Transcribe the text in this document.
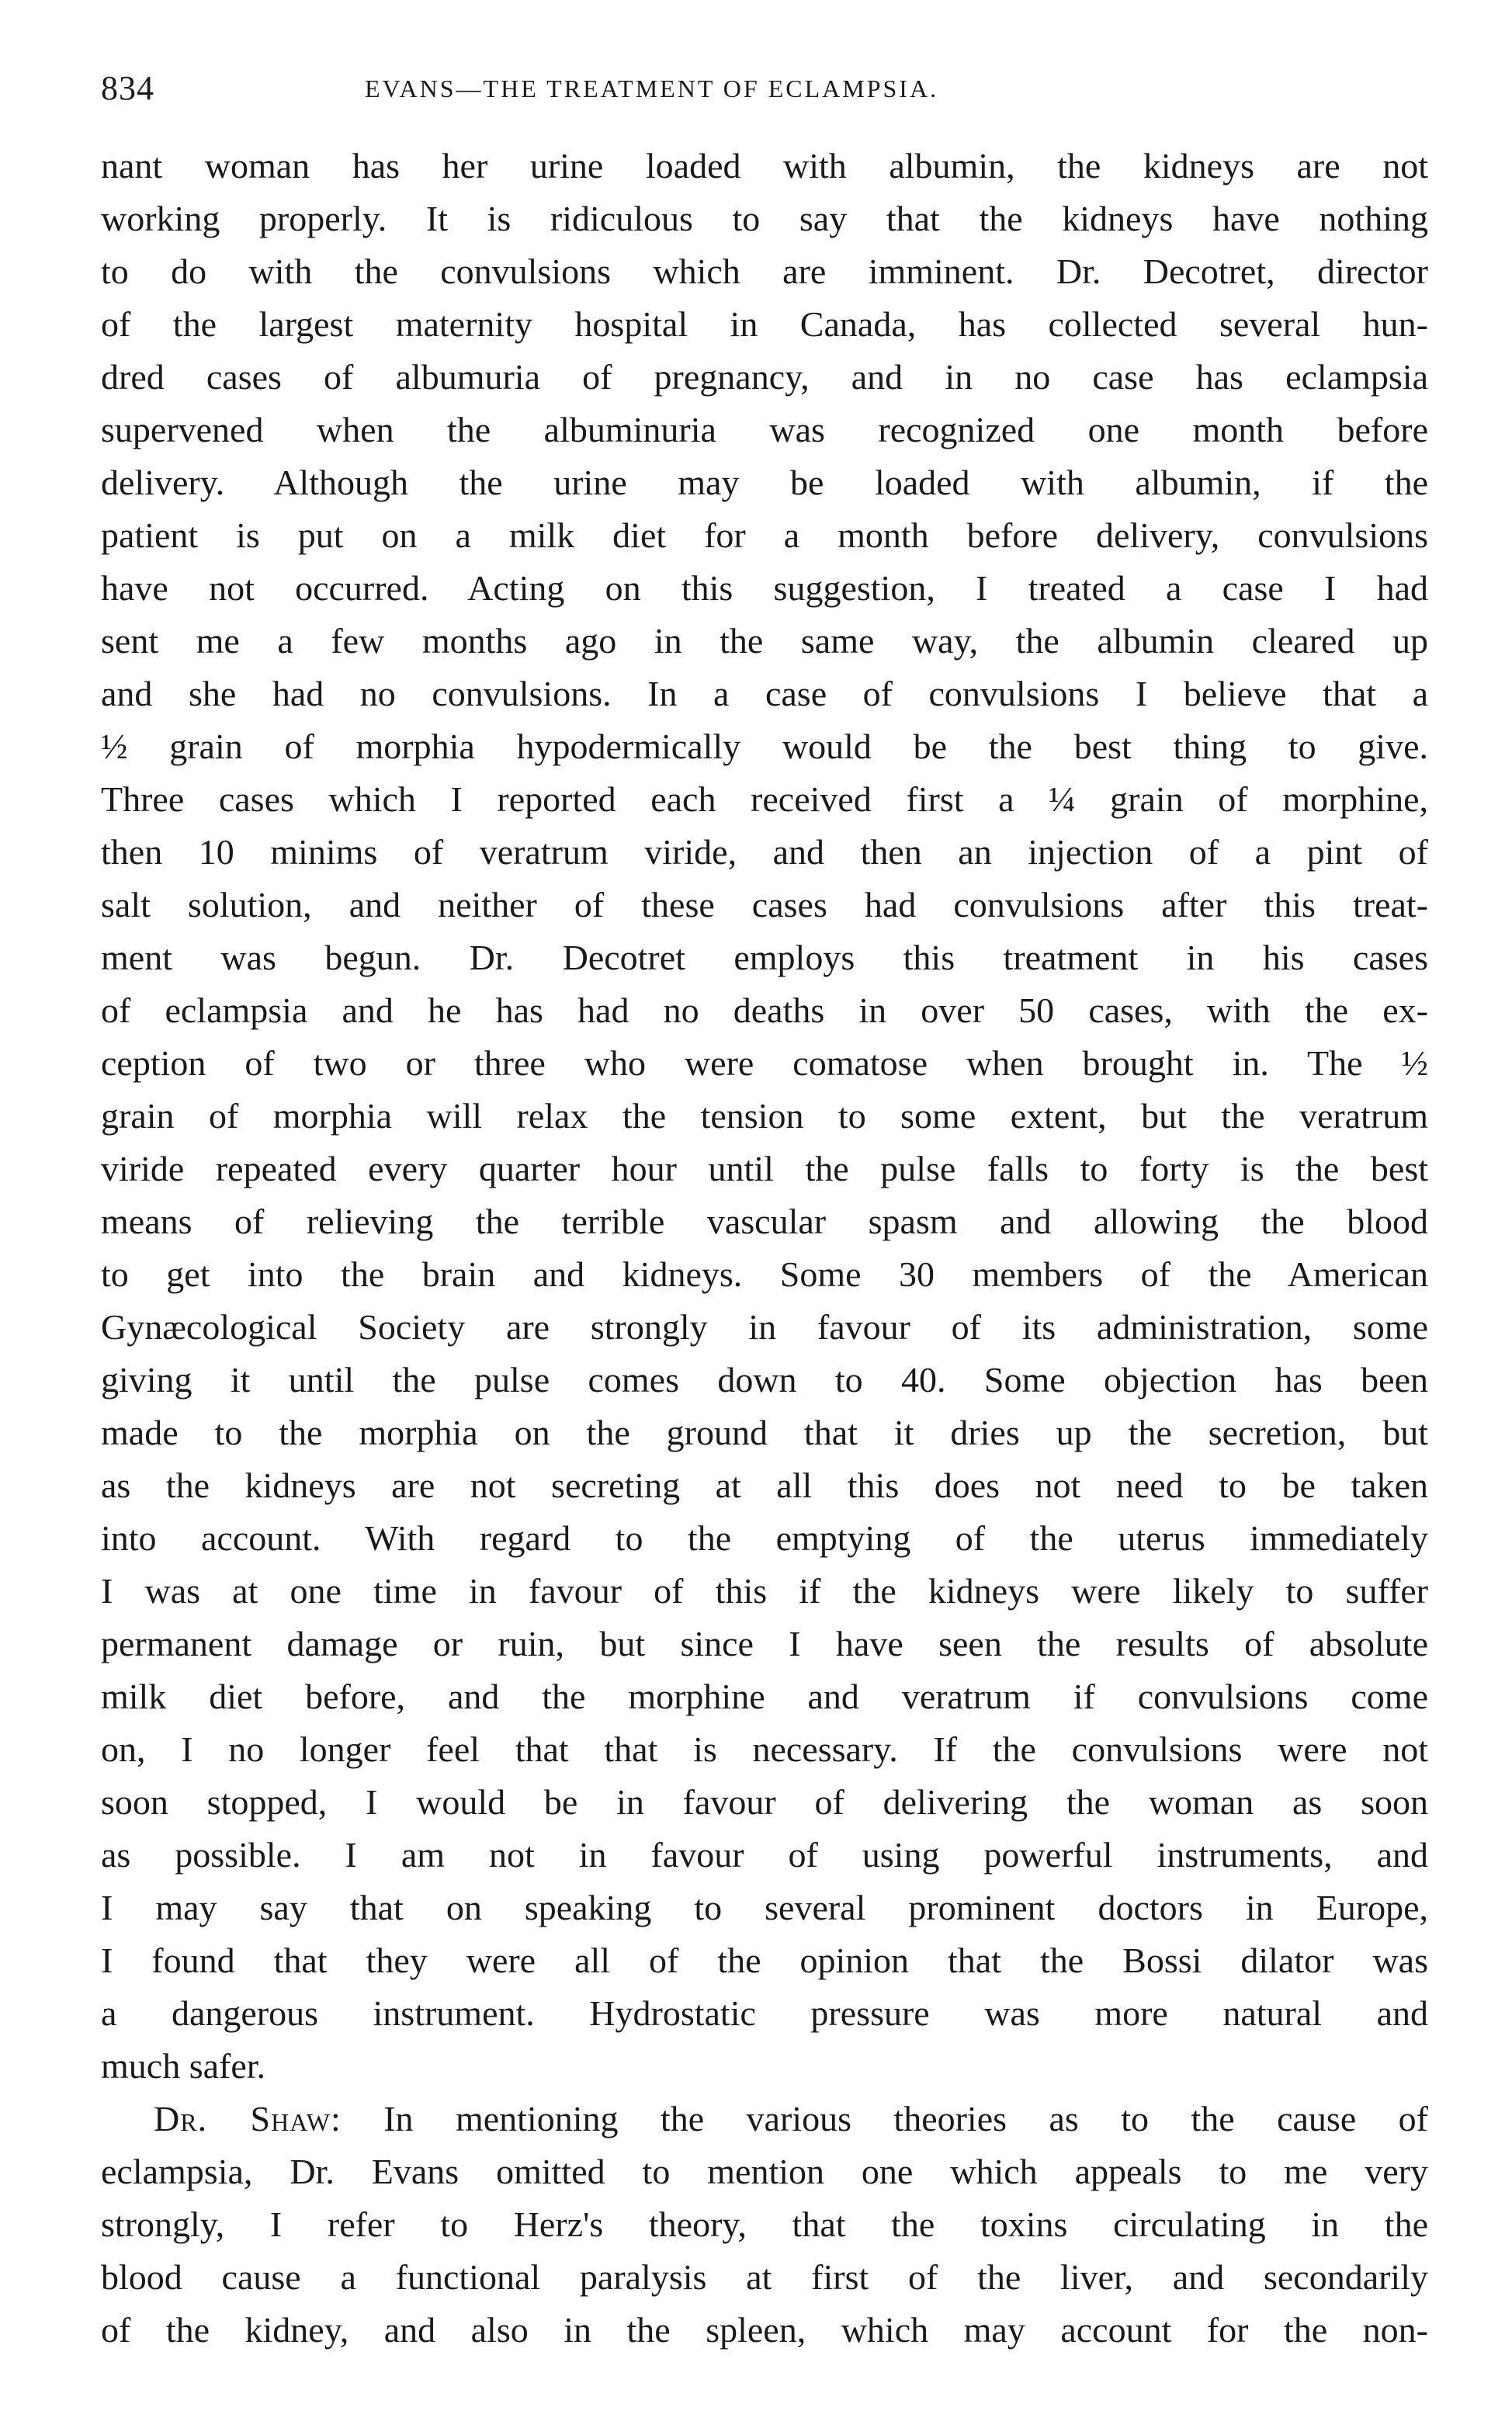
834	EVANS—THE TREATMENT OF ECLAMPSIA.
nant woman has her urine loaded with albumin, the kidneys are not
working properly. It is ridiculous to say that the kidneys have nothing
to do with the convulsions which are imminent. Dr. Decotret, director
of the largest maternity hospital in Canada, has collected several hun-
dred cases of albumuria of pregnancy, and in no case has eclampsia
supervened when the albuminuria was recognized one month before
delivery. Although the urine may be loaded with albumin, if the
patient is put on a milk diet for a month before delivery, convulsions
have not occurred. Acting on this suggestion, I treated a case I had
sent me a few months ago in the same way, the albumin cleared up
and she had no convulsions. In a case of convulsions I believe that a
½ grain of morphia hypodermically would be the best thing to give.
Three cases which I reported each received first a ¼ grain of morphine,
then 10 minims of veratrum viride, and then an injection of a pint of
salt solution, and neither of these cases had convulsions after this treat-
ment was begun. Dr. Decotret employs this treatment in his cases
of eclampsia and he has had no deaths in over 50 cases, with the ex-
ception of two or three who were comatose when brought in. The ½
grain of morphia will relax the tension to some extent, but the veratrum
viride repeated every quarter hour until the pulse falls to forty is the best
means of relieving the terrible vascular spasm and allowing the blood
to get into the brain and kidneys. Some 30 members of the American
Gynæcological Society are strongly in favour of its administration, some
giving it until the pulse comes down to 40. Some objection has been
made to the morphia on the ground that it dries up the secretion, but
as the kidneys are not secreting at all this does not need to be taken
into account. With regard to the emptying of the uterus immediately
I was at one time in favour of this if the kidneys were likely to suffer
permanent damage or ruin, but since I have seen the results of absolute
milk diet before, and the morphine and veratrum if convulsions come
on, I no longer feel that that is necessary. If the convulsions were not
soon stopped, I would be in favour of delivering the woman as soon
as possible. I am not in favour of using powerful instruments, and
I may say that on speaking to several prominent doctors in Europe,
I found that they were all of the opinion that the Bossi dilator was
a dangerous instrument. Hydrostatic pressure was more natural and
much safer.
Dr. Shaw: In mentioning the various theories as to the cause of
eclampsia, Dr. Evans omitted to mention one which appeals to me very
strongly, I refer to Herz's theory, that the toxins circulating in the
blood cause a functional paralysis at first of the liver, and secondarily
of the kidney, and also in the spleen, which may account for the non-
